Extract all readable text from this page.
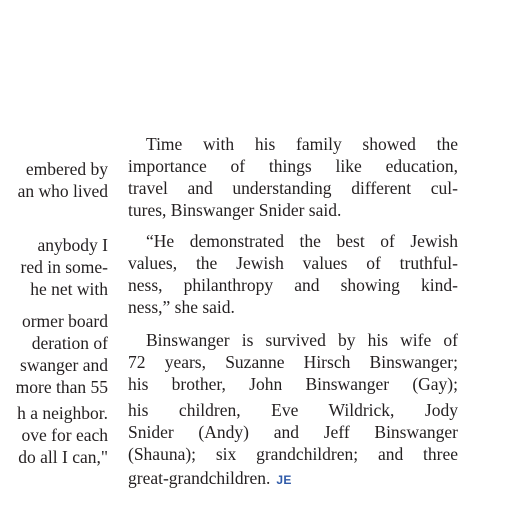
embered by
an who lived
anybody I
red in some-
he net with
ormer board
deration of
swanger and
more than 55
h a neighbor.
ove for each
do all I can,"
Time with his family showed the
importance of things like education,
travel and understanding different cul-
tures, Binswanger Snider said.
“He demonstrated the best of Jewish
values, the Jewish values of truthful-
ness, philanthropy and showing kind-
ness,” she said.
Binswanger is survived by his wife of
72 years, Suzanne Hirsch Binswanger;
his brother, John Binswanger (Gay);
his children, Eve Wildrick, Jody
Snider (Andy) and Jeff Binswanger
(Shauna); six grandchildren; and three
great-grandchildren. JE
